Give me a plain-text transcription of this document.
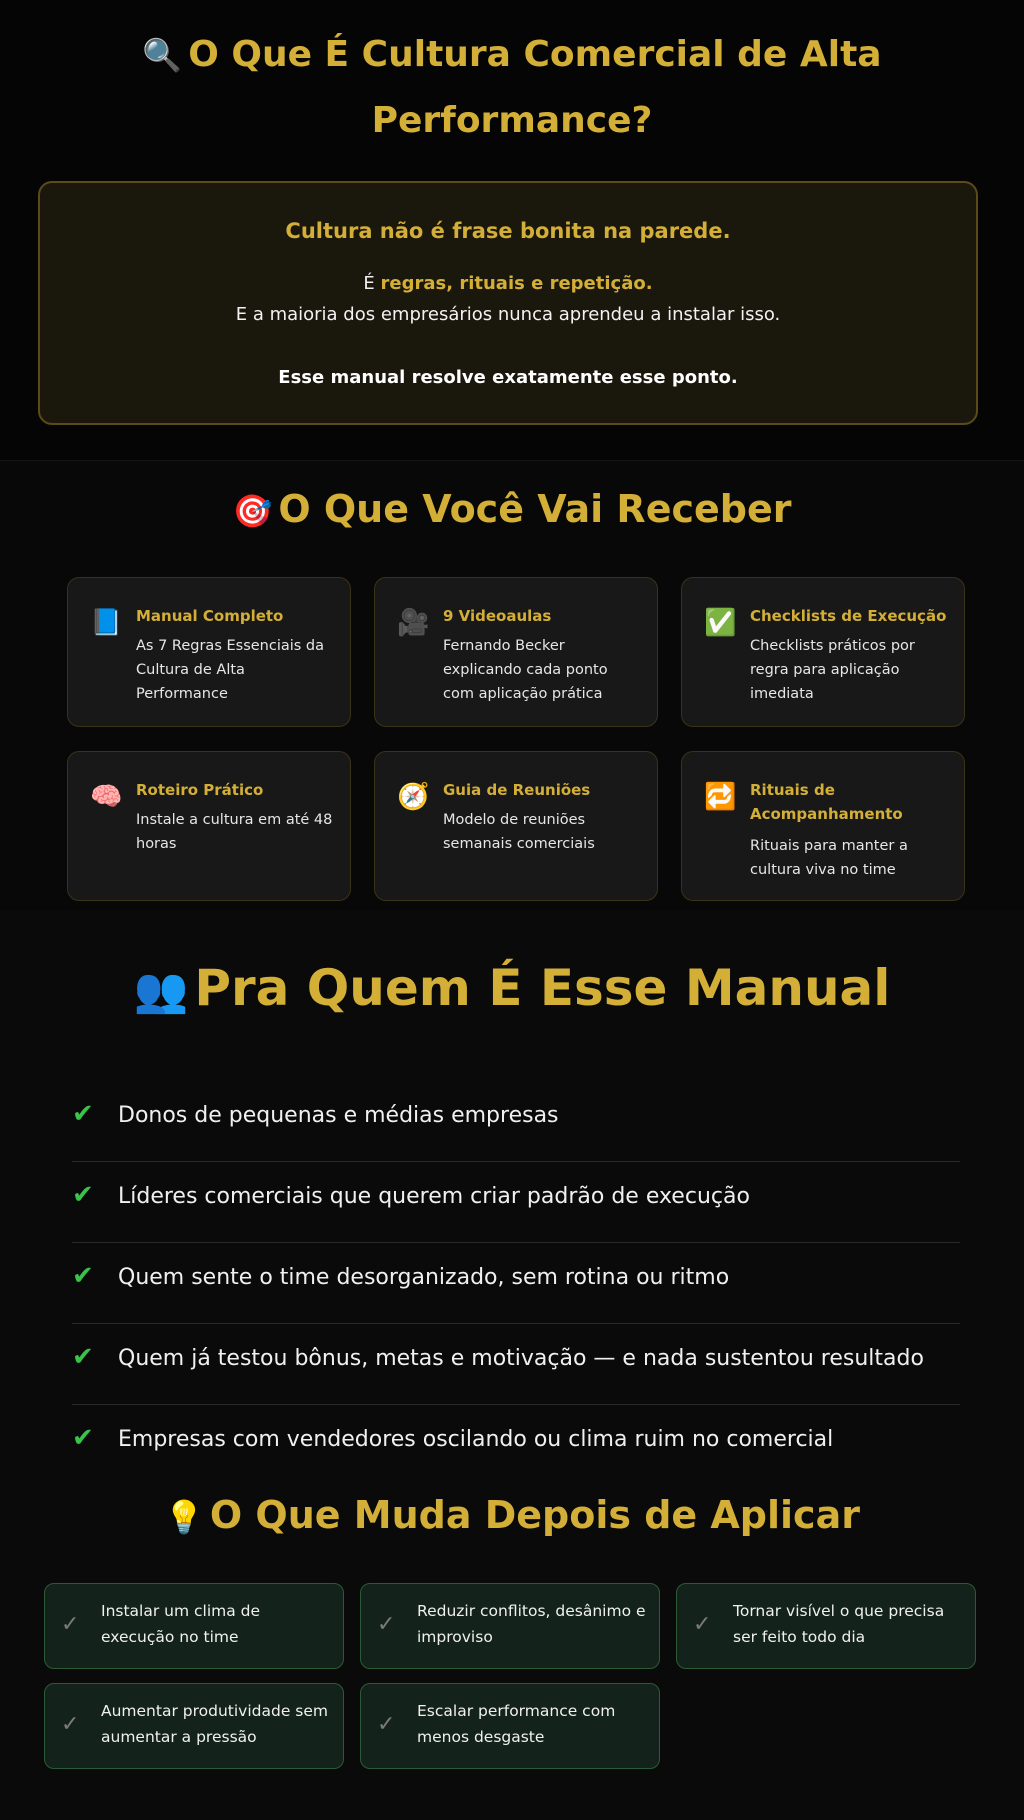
🔍 O Que É Cultura Comercial de Alta Performance?
Cultura não é frase bonita na parede.
É regras, rituais e repetição.
E a maioria dos empresários nunca aprendeu a instalar isso.
Esse manual resolve exatamente esse ponto.
🎯 O Que Você Vai Receber
📘 Manual Completo
As 7 Regras Essenciais da Cultura de Alta Performance
🎥 9 Videoaulas
Fernando Becker explicando cada ponto com aplicação prática
✅ Checklists de Execução
Checklists práticos por regra para aplicação imediata
🧠 Roteiro Prático
Instale a cultura em até 48 horas
🧭 Guia de Reuniões
Modelo de reuniões semanais comerciais
🔁 Rituais de Acompanhamento
Rituais para manter a cultura viva no time
👥 Pra Quem É Esse Manual
✔ Donos de pequenas e médias empresas
✔ Líderes comerciais que querem criar padrão de execução
✔ Quem sente o time desorganizado, sem rotina ou ritmo
✔ Quem já testou bônus, metas e motivação — e nada sustentou resultado
✔ Empresas com vendedores oscilando ou clima ruim no comercial
💡 O Que Muda Depois de Aplicar
✓
Instalar um clima de execução no time	✓
Reduzir conflitos, desânimo e improviso	✓
Tornar visível o que precisa ser feito todo dia
✓
Aumentar produtividade sem aumentar a pressão	✓
Escalar performance com menos desgaste
